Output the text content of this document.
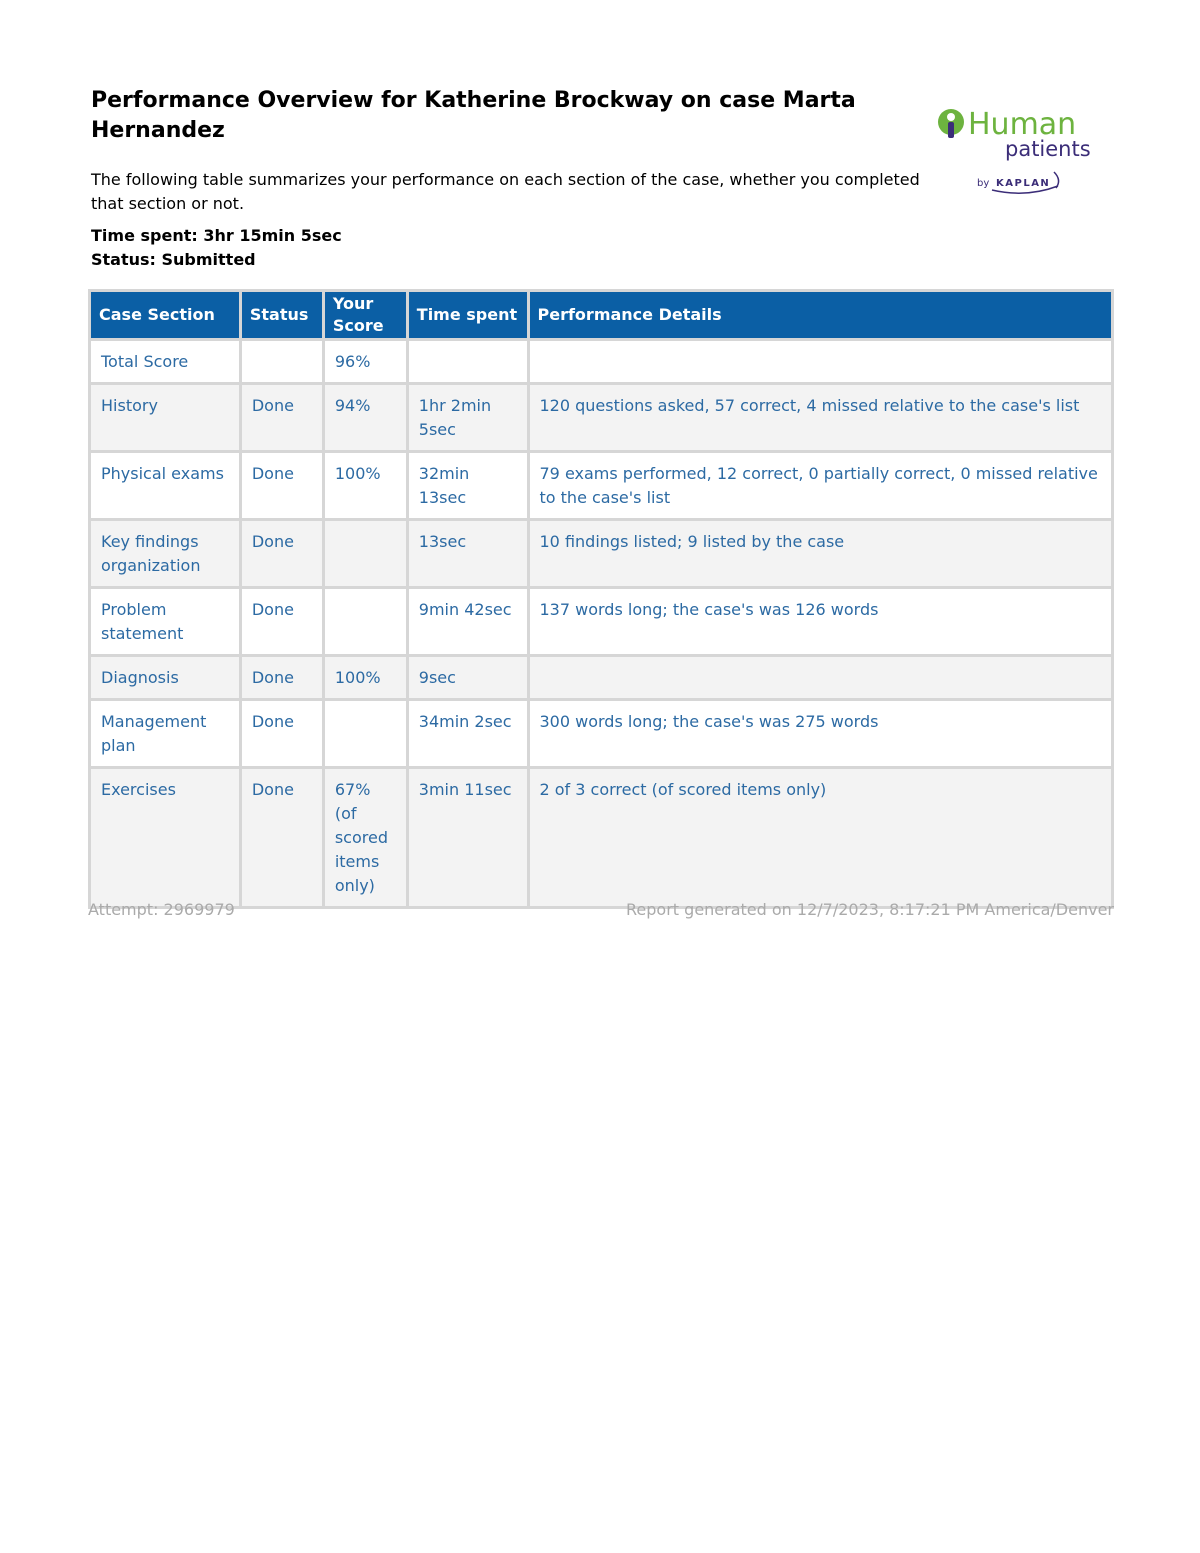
Performance Overview for Katherine Brockway on case Marta Hernandez

The following table summarizes your performance on each section of the case, whether you completed that section or not.

Time spent: 3hr 15min 5sec
Status: Submitted
Human
patients
by KAPLAN
Case Section	Status	Your Score	Time spent	Performance Details
Total Score		96%		
History	Done	94%	1hr 2min 5sec	120 questions asked, 57 correct, 4 missed relative to the case's list
Physical exams	Done	100%	32min 13sec	79 exams performed, 12 correct, 0 partially correct, 0 missed relative to the case's list
Key findings organization	Done		13sec	10 findings listed; 9 listed by the case
Problem statement	Done		9min 42sec	137 words long; the case's was 126 words
Diagnosis	Done	100%	9sec	
Management plan	Done		34min 2sec	300 words long; the case's was 275 words
Exercises	Done	67% (of scored items only)	3min 11sec	2 of 3 correct (of scored items only)
Attempt: 2969979	Report generated on 12/7/2023, 8:17:21 PM America/Denver
